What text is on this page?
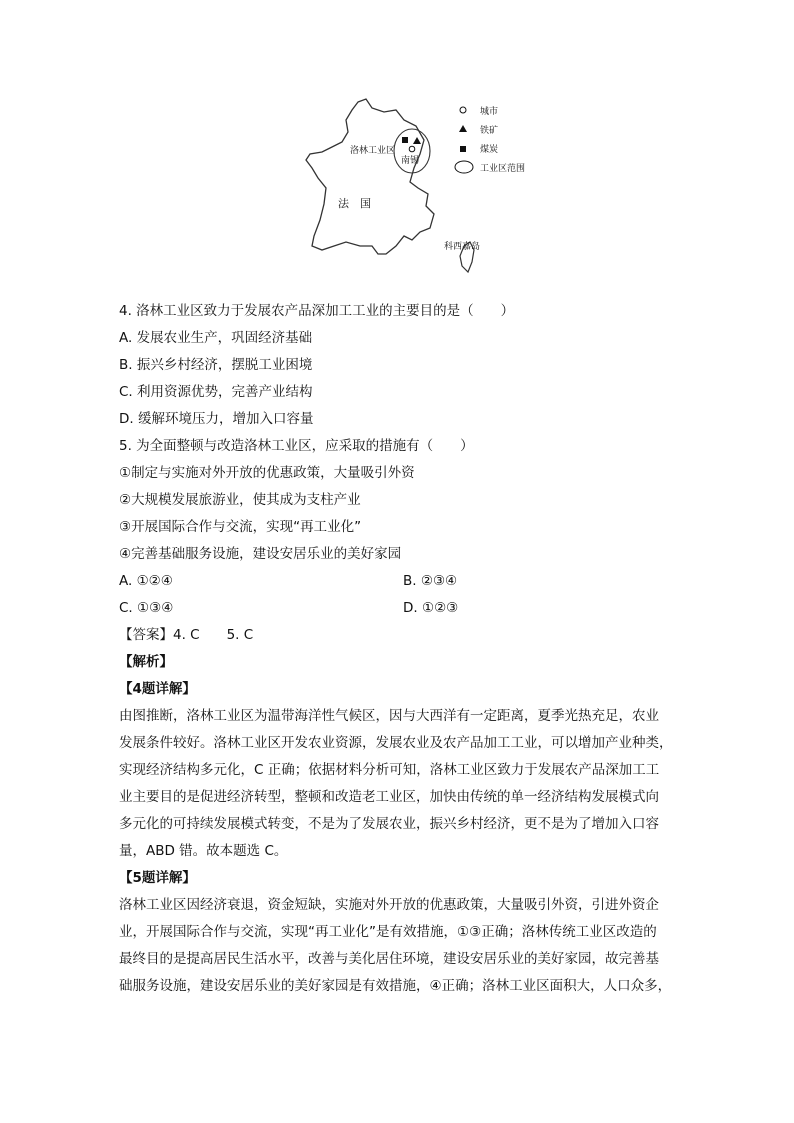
洛林工业区
南锡
法　国
科西嘉岛
城市
铁矿
煤炭
工业区范围
4. 洛林工业区致力于发展农产品深加工工业的主要目的是（　　）
A. 发展农业生产，巩固经济基础
B. 振兴乡村经济，摆脱工业困境
C. 利用资源优势，完善产业结构
D. 缓解环境压力，增加入口容量
5. 为全面整顿与改造洛林工业区，应采取的措施有（　　）
①制定与实施对外开放的优惠政策，大量吸引外资
②大规模发展旅游业，使其成为支柱产业
③开展国际合作与交流，实现“再工业化”
④完善基础服务设施，建设安居乐业的美好家园
A. ①②④	B. ②③④
C. ①③④	D. ①②③
【答案】4. C　　5. C
【解析】
【4题详解】
由图推断，洛林工业区为温带海洋性气候区，因与大西洋有一定距离，夏季光热充足，农业
发展条件较好。洛林工业区开发农业资源，发展农业及农产品加工工业，可以增加产业种类，
实现经济结构多元化，C 正确；依据材料分析可知，洛林工业区致力于发展农产品深加工工
业主要目的是促进经济转型，整顿和改造老工业区，加快由传统的单一经济结构发展模式向
多元化的可持续发展模式转变，不是为了发展农业，振兴乡村经济，更不是为了增加入口容
量，ABD 错。故本题选 C。
【5题详解】
洛林工业区因经济衰退，资金短缺，实施对外开放的优惠政策，大量吸引外资，引进外资企
业，开展国际合作与交流，实现“再工业化”是有效措施，①③正确；洛林传统工业区改造的
最终目的是提高居民生活水平，改善与美化居住环境，建设安居乐业的美好家园，故完善基
础服务设施，建设安居乐业的美好家园是有效措施，④正确；洛林工业区面积大，人口众多，
